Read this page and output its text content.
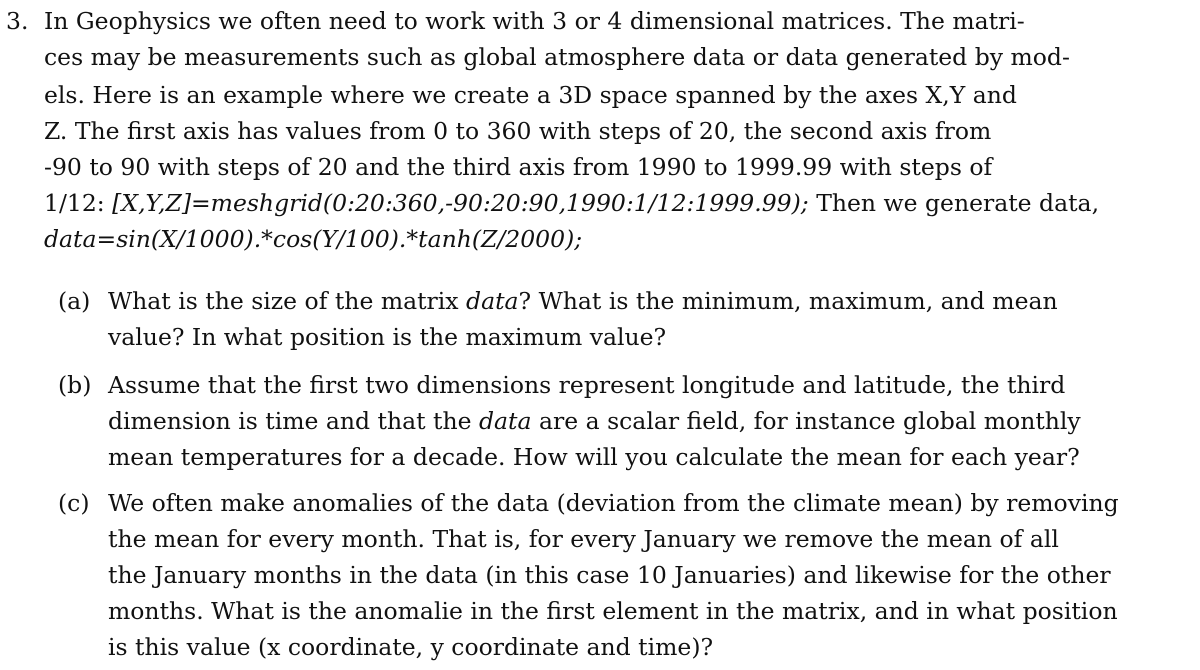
3. In Geophysics we often need to work with 3 or 4 dimensional matrices. The matri-
ces may be measurements such as global atmosphere data or data generated by mod-
els. Here is an example where we create a 3D space spanned by the axes X,Y and
Z. The first axis has values from 0 to 360 with steps of 20, the second axis from
-90 to 90 with steps of 20 and the third axis from 1990 to 1999.99 with steps of
1/12: [X,Y,Z]=meshgrid(0:20:360,-90:20:90,1990:1/12:1999.99); Then we generate data,
data=sin(X/1000).*cos(Y/100).*tanh(Z/2000);
(a) What is the size of the matrix data? What is the minimum, maximum, and mean
value? In what position is the maximum value?
(b) Assume that the first two dimensions represent longitude and latitude, the third
dimension is time and that the data are a scalar field, for instance global monthly
mean temperatures for a decade. How will you calculate the mean for each year?
(c) We often make anomalies of the data (deviation from the climate mean) by removing
the mean for every month. That is, for every January we remove the mean of all
the January months in the data (in this case 10 Januaries) and likewise for the other
months. What is the anomalie in the first element in the matrix, and in what position
is this value (x coordinate, y coordinate and time)?
